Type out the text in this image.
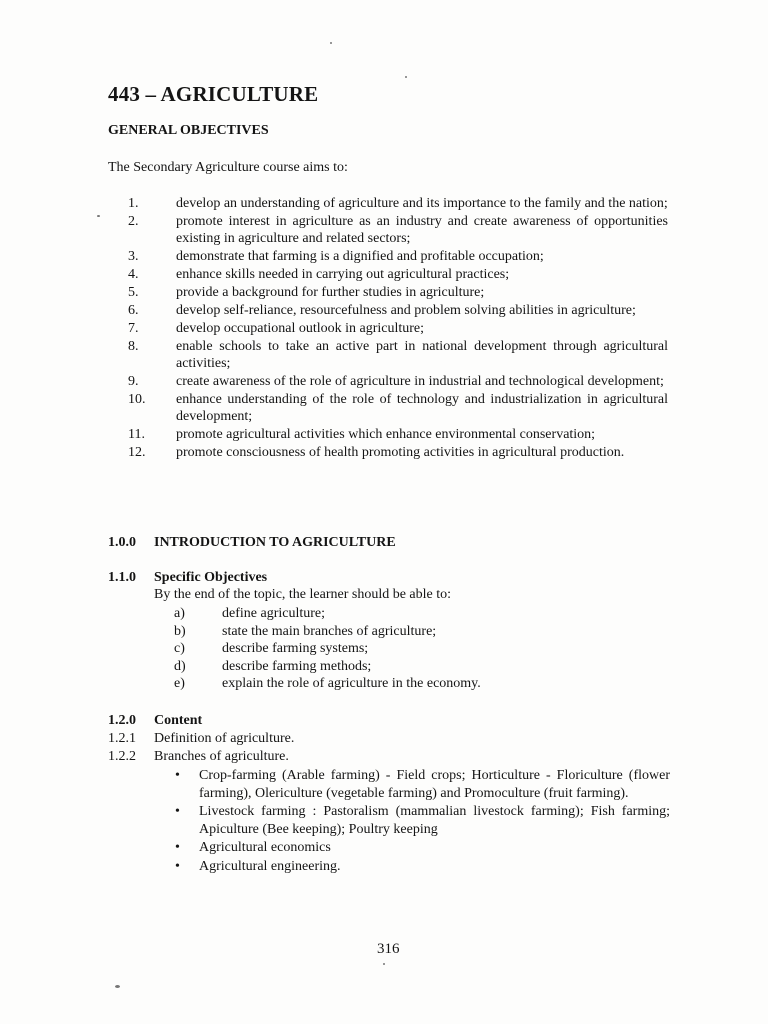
443 – AGRICULTURE
GENERAL OBJECTIVES
The Secondary Agriculture course aims to:
1.	develop an understanding of agriculture and its importance to the family and the nation;
2.	promote interest in agriculture as an industry and create awareness of opportunities existing in agriculture and related sectors;
3.	demonstrate that farming is a dignified and profitable occupation;
4.	enhance skills needed in carrying out agricultural practices;
5.	provide a background for further studies in agriculture;
6.	develop self-reliance, resourcefulness and problem solving abilities in agriculture;
7.	develop occupational outlook in agriculture;
8.	enable schools to take an active part in national development through agricultural activities;
9.	create awareness of the role of agriculture in industrial and technological development;
10.	enhance understanding of the role of technology and industrialization in agricultural development;
11.	promote agricultural activities which enhance environmental conservation;
12.	promote consciousness of health promoting activities in agricultural production.
1.0.0 INTRODUCTION TO AGRICULTURE
1.1.0 Specific Objectives
By the end of the topic, the learner should be able to:
a)	define agriculture;
b)	state the main branches of agriculture;
c)	describe farming systems;
d)	describe farming methods;
e)	explain the role of agriculture in the economy.
1.2.0 Content
1.2.1	Definition of agriculture.
1.2.2	Branches of agriculture.
•	Crop-farming (Arable farming) - Field crops; Horticulture - Floriculture (flower farming), Olericulture (vegetable farming) and Promoculture (fruit farming).
•	Livestock farming : Pastoralism (mammalian livestock farming); Fish farming; Apiculture (Bee keeping); Poultry keeping
•	Agricultural economics
•	Agricultural engineering.
316
